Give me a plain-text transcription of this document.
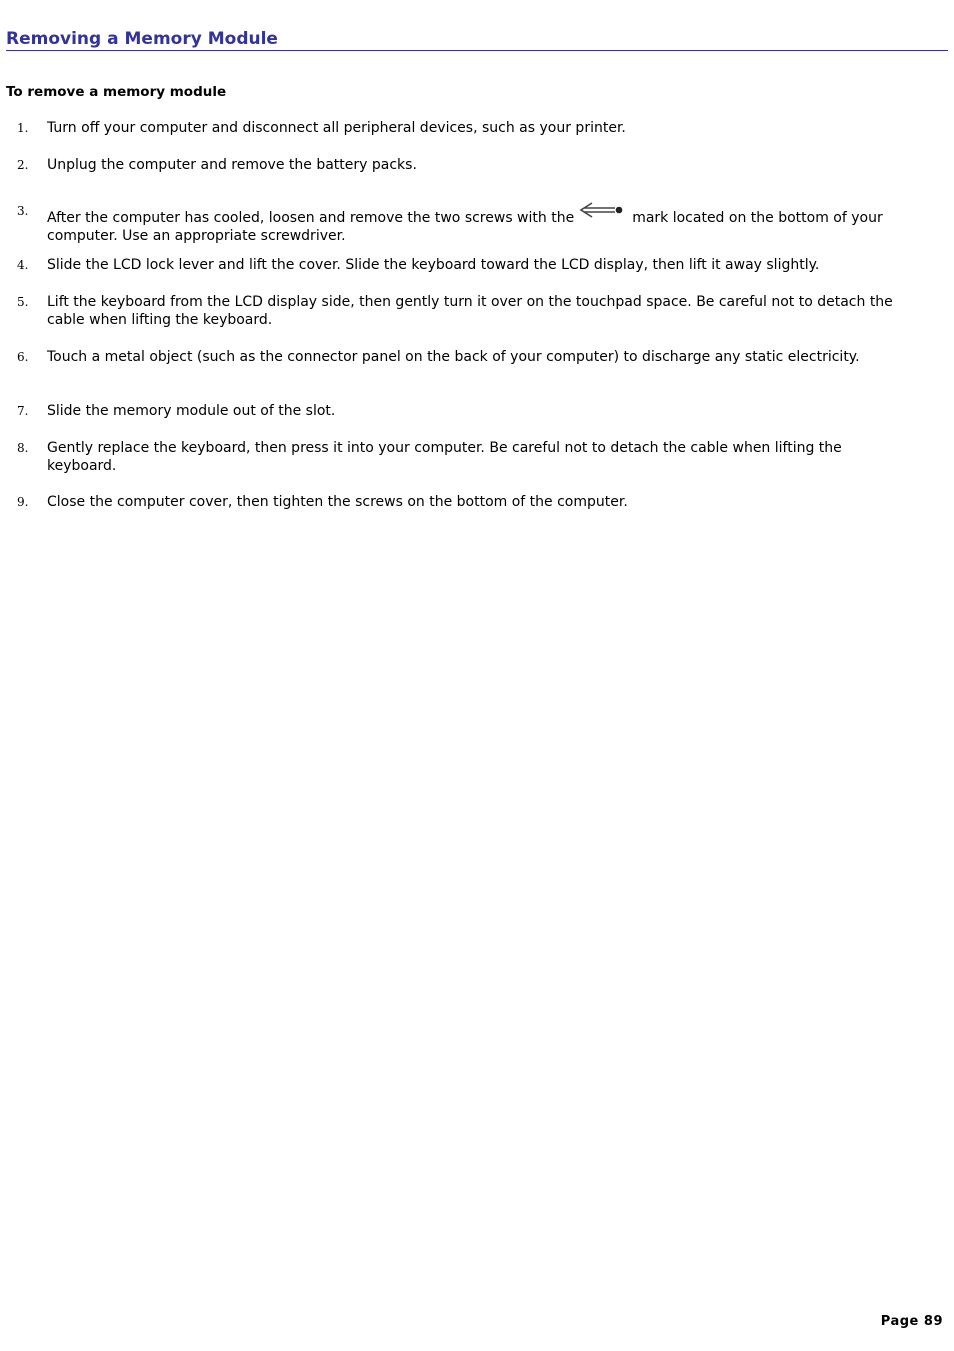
Removing a Memory Module
To remove a memory module
1. Turn off your computer and disconnect all peripheral devices, such as your printer.
2. Unplug the computer and remove the battery packs.
3. After the computer has cooled, loosen and remove the two screws with the	mark located on the bottom of your computer. Use an appropriate screwdriver.
4. Slide the LCD lock lever and lift the cover. Slide the keyboard toward the LCD display, then lift it away slightly.
5. Lift the keyboard from the LCD display side, then gently turn it over on the touchpad space. Be careful not to detach the cable when lifting the keyboard.
6. Touch a metal object (such as the connector panel on the back of your computer) to discharge any static electricity.
7. Slide the memory module out of the slot.
8. Gently replace the keyboard, then press it into your computer. Be careful not to detach the cable when lifting the keyboard.
9. Close the computer cover, then tighten the screws on the bottom of the computer.
Page 89
